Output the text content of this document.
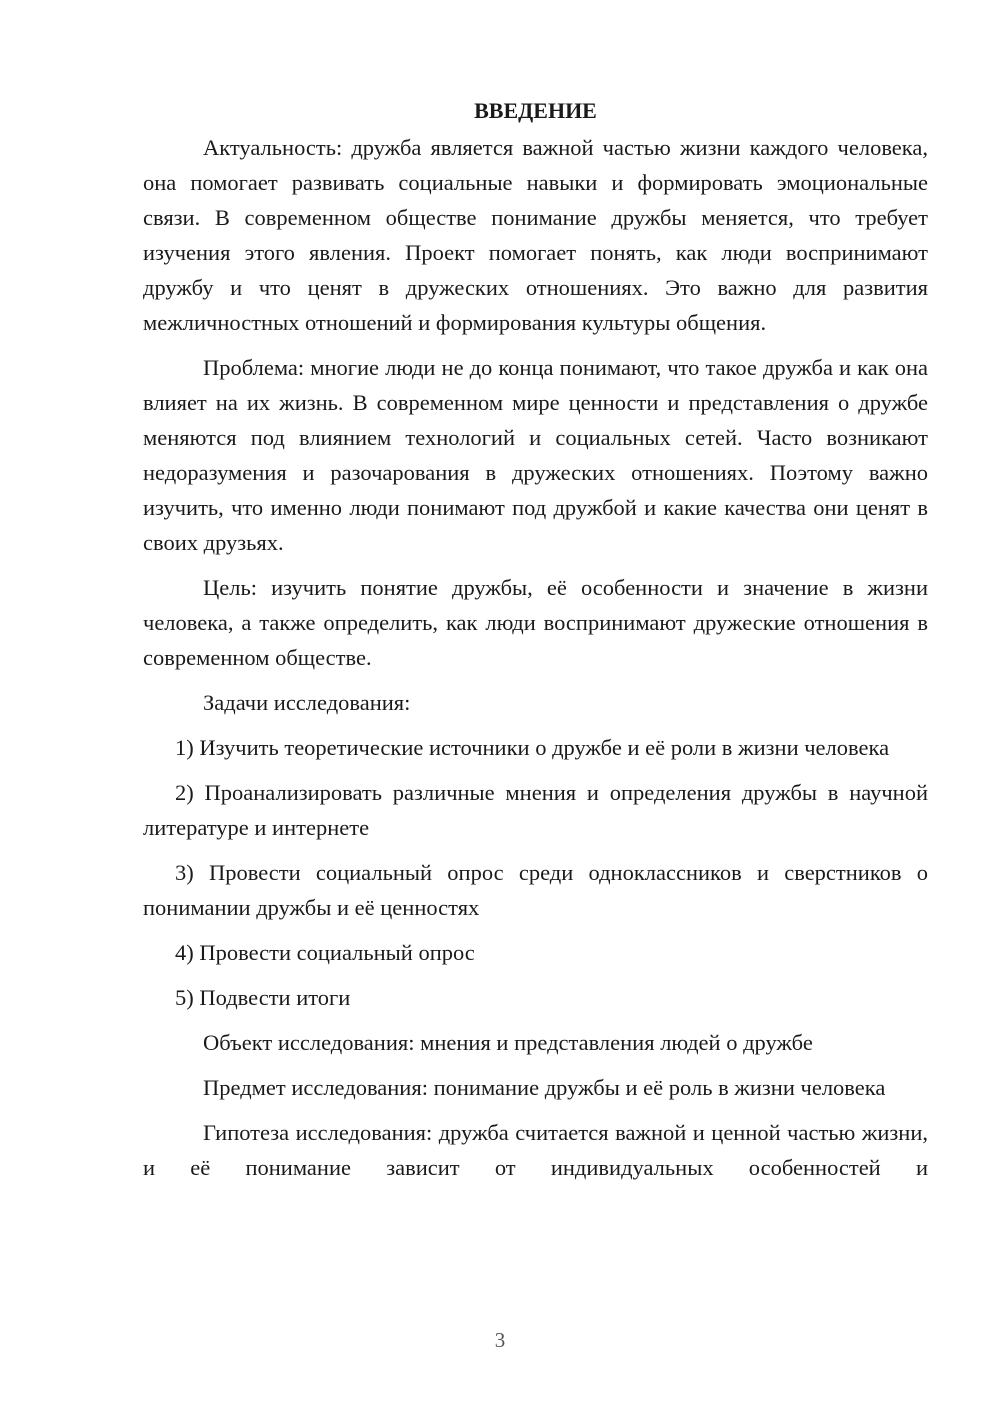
ВВЕДЕНИЕ

Актуальность: дружба является важной частью жизни каждого человека, она помогает развивать социальные навыки и формировать эмоциональные связи. В современном обществе понимание дружбы меняется, что требует изучения этого явления. Проект помогает понять, как люди воспринимают дружбу и что ценят в дружеских отношениях. Это важно для развития межличностных отношений и формирования культуры общения.

Проблема: многие люди не до конца понимают, что такое дружба и как она влияет на их жизнь. В современном мире ценности и представления о дружбе меняются под влиянием технологий и социальных сетей. Часто возникают недоразумения и разочарования в дружеских отношениях. Поэтому важно изучить, что именно люди понимают под дружбой и какие качества они ценят в своих друзьях.

Цель: изучить понятие дружбы, её особенности и значение в жизни человека, а также определить, как люди воспринимают дружеские отношения в современном обществе.

Задачи исследования:

1) Изучить теоретические источники о дружбе и её роли в жизни человека

2) Проанализировать различные мнения и определения дружбы в научной литературе и интернете

3) Провести социальный опрос среди одноклассников и сверстников о понимании дружбы и её ценностях

4) Провести социальный опрос

5) Подвести итоги

Объект исследования: мнения и представления людей о дружбе

Предмет исследования: понимание дружбы и её роль в жизни человека

Гипотеза исследования: дружба считается важной и ценной частью жизни, и её понимание зависит от индивидуальных особенностей и

3
